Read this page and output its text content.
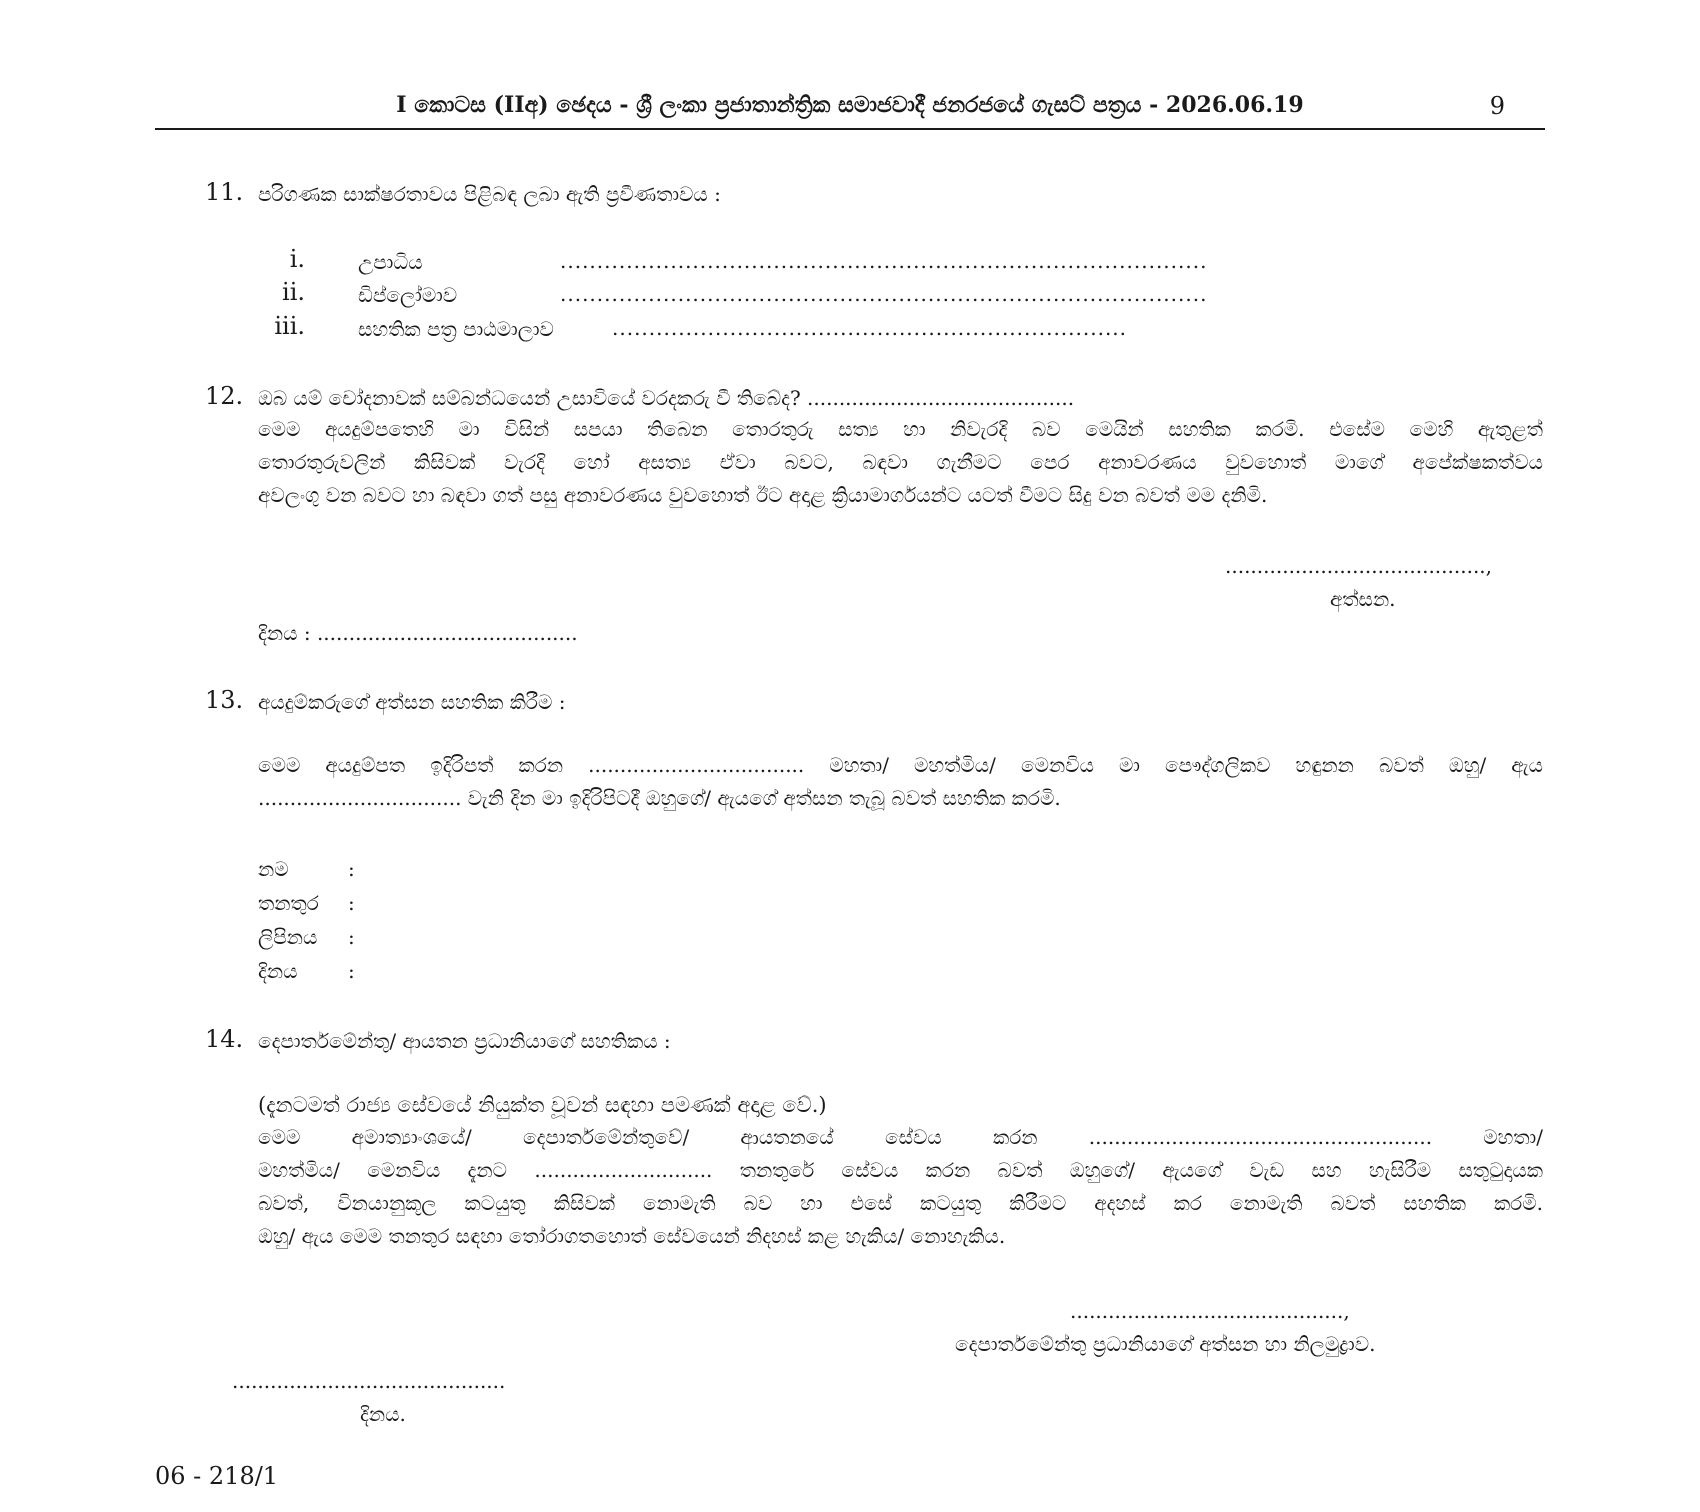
I කොටස (IIඅ) ඡෙදය - ශ්‍රී ලංකා ප්‍රජාතාන්ත්‍රික සමාජවාදී ජනරජයේ ගැසට් පත්‍රය - 2026.06.19	9
11. පරිගණක සාක්ෂරතාවය පිළිබඳ ලබා ඇති ප්‍රවීණතාවය :
i.	උපාධිය	........................................................................................
ii.	ඩිප්ලෝමාව	........................................................................................
iii.	සහතික පත්‍ර පාඨමාලාව	......................................................................
12. ඔබ යම් චෝදනාවක් සම්බන්ධයෙන් උසාවියේ වරදකරු වී තිබේද? ..........................................
මෙම අයදුම්පතෙහි මා විසින් සපයා තිබෙන තොරතුරු සත්‍ය හා නිවැරදි බව මෙයින් සහතික කරමි. එසේම මෙහි ඇතුළත්
තොරතුරුවලින් කිසිවක් වැරදි හෝ අසත්‍ය ඒවා බවට, බඳවා ගැනීමට පෙර අනාවරණය වුවහොත් මාගේ අපේක්ෂකත්වය
අවලංගු වන බවට හා බඳවා ගත් පසු අනාවරණය වුවහොත් ඊට අදාළ ක්‍රියාමාර්ගයන්ට යටත් වීමට සිදු වන බවත් මම දනිමි.
.........................................,
අත්සන.
දිනය : .........................................
13. අයදුම්කරුගේ අත්සන සහතික කිරීම :
මෙම අයදුම්පත ඉදිරිපත් කරන .................................. මහතා/ මහත්මිය/ මෙනවිය මා පෞද්ගලිකව හඳුනන බවත් ඔහු/ ඇය
................................ වැනි දින මා ඉදිරිපිටදී ඔහුගේ/ ඇයගේ අත්සන තැබූ බවත් සහතික කරමි.
නම	:
තනතුර :
ලිපිනය :
දිනය	:
14. දෙපාර්තමේන්තු/ ආයතන ප්‍රධානියාගේ සහතිකය :
(දැනටමත් රාජ්‍ය සේවයේ නියුක්ත වූවන් සඳහා පමණක් අදාළ වේ.)
මෙම අමාත්‍යාංශයේ/ දෙපාර්තමේන්තුවේ/ ආයතනයේ සේවය කරන ...................................................... මහතා/
මහත්මිය/ මෙනවිය දැනට ............................ තනතුරේ සේවය කරන බවත් ඔහුගේ/ ඇයගේ වැඩ සහ හැසිරීම සතුටුදායක
බවත්, විනයානුකූල කටයුතු කිසිවක් නොමැති බව හා එසේ කටයුතු කිරීමට අදහස් කර නොමැති බවත් සහතික කරමි.
ඔහු/ ඇය මෙම තනතුර සඳහා තෝරාගතහොත් සේවයෙන් නිදහස් කළ හැකිය/ නොහැකිය.
...........................................,
දෙපාර්තමේන්තු ප්‍රධානියාගේ අත්සන හා නිලමුද්‍රාව.
...........................................
දිනය.
06 - 218/1
